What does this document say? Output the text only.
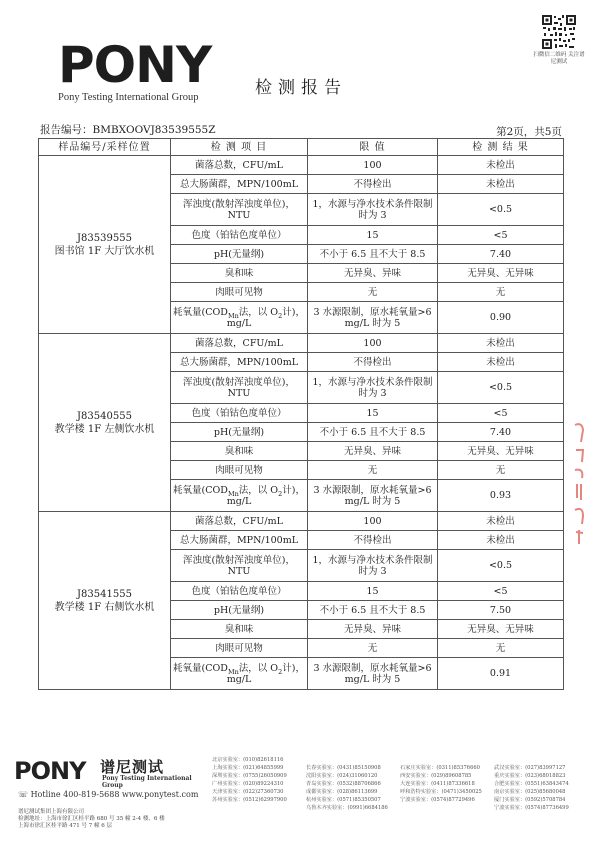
PONY
Pony Testing International Group	检测报告
扫微信二维码 关注谱尼测试
报告编号：BMBXOOVJ83539555Z	第2页，共5页
样品编号/采样位置	检 测 项 目	限 值	检 测 结 果

J83539555
图书馆 1F 大厅饮水机	菌落总数，CFU/mL	100	未检出
	总大肠菌群，MPN/100mL	不得检出	未检出
	浑浊度(散射浑浊度单位)，NTU	1，水源与净水技术条件限制时为 3	<0.5
	色度（铂钴色度单位）	15	<5
	pH(无量纲)	不小于 6.5 且不大于 8.5	7.40
	臭和味	无异臭、异味	无异臭、无异味
	肉眼可见物	无	无
	耗氧量($COD_{Mn}$法，以 $O_2$计)，mg/L	3 水源限制，原水耗氧量>6 mg/L 时为 5	0.90

J83540555
教学楼 1F 左侧饮水机	菌落总数，CFU/mL	100	未检出
	总大肠菌群，MPN/100mL	不得检出	未检出
	浑浊度(散射浑浊度单位)，NTU	1，水源与净水技术条件限制时为 3	<0.5
	色度（铂钴色度单位）	15	<5
	pH(无量纲)	不小于 6.5 且不大于 8.5	7.40
	臭和味	无异臭、异味	无异臭、无异味
	肉眼可见物	无	无
	耗氧量($COD_{Mn}$法，以 $O_2$计)，mg/L	3 水源限制，原水耗氧量>6 mg/L 时为 5	0.93

J83541555
教学楼 1F 右侧饮水机	菌落总数，CFU/mL	100	未检出
	总大肠菌群，MPN/100mL	不得检出	未检出
	浑浊度(散射浑浊度单位)，NTU	1，水源与净水技术条件限制时为 3	<0.5
	色度（铂钴色度单位）	15	<5
	pH(无量纲)	不小于 6.5 且不大于 8.5	7.50
	臭和味	无异臭、异味	无异臭、无异味
	肉眼可见物	无	无
	耗氧量($COD_{Mn}$法，以 $O_2$计)，mg/L	3 水源限制，原水耗氧量>6 mg/L 时为 5	0.91
PONY 谱尼测试
Pony Testing International Group
☏ Hotline 400-819-5688 www.ponytest.com
谱尼测试集团上海有限公司
检测地址：上海市徐汇区桂平路 680 号 35 幢 2-4 楼、6 楼
上海市徐汇区桂平路 471 号 7 幢 6 层
北京实验室：(010)82618116
上海实验室：(021)64855999	长春实验室：(0431)85150908	石家庄实验室：(0311)85376660	武汉实验室：(027)83997127
深圳实验室：(0755)26050909	沈阳实验室：(024)31060120	西安实验室：(029)89608785	重庆实验室：(023)68018823
广州实验室：(020)89224310	青岛实验室：(0532)88706866	大连实验室：(0411)87336618	合肥实验室：(0551)63843474
天津实验室：(022)27360730	成都实验室：(028)86113699	呼和浩特实验室：(0471)3450025 南京实验室：(025)85680048
苏州实验室：(0512)62997900	杭州实验室：(0571)85350507	宁波实验室：(0574)87729496	厦门实验室：(0592)5708784
乌鲁木齐实验室：(0991)6684186	宁波实验室：(0574)87736499
